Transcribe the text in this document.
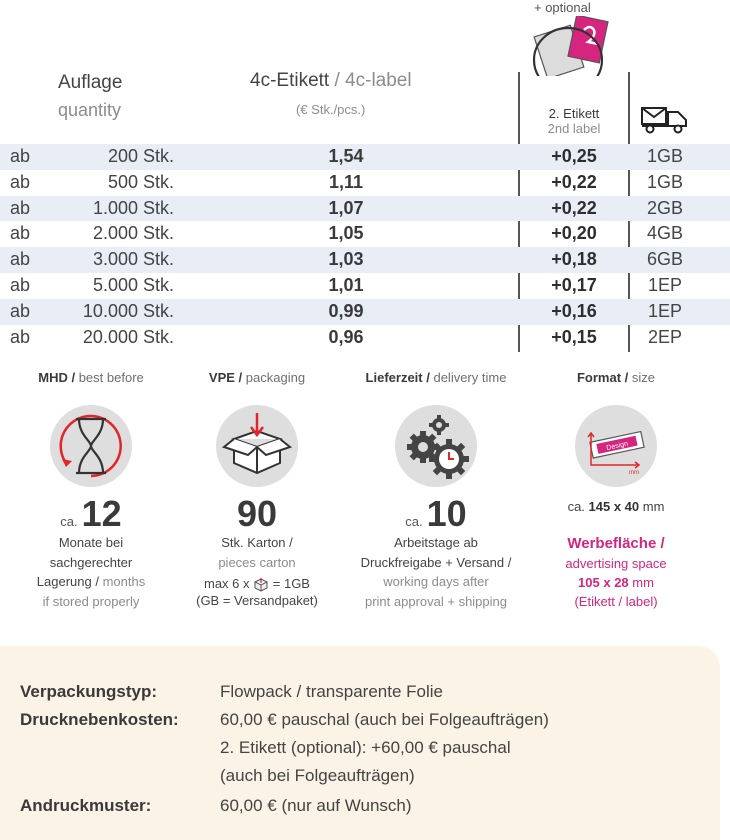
+ optional
Auflage
quantity
4c-Etikett / 4c-label
(€ Stk./pcs.)	2. Etikett
2nd label
ab	200 Stk.	1,54	+0,25	1GB
ab	500 Stk.	1,11	+0,22	1GB
ab	1.000 Stk.	1,07	+0,22	2GB
ab	2.000 Stk.	1,05	+0,20	4GB
ab	3.000 Stk.	1,03	+0,18	6GB
ab	5.000 Stk.	1,01	+0,17	1EP
ab	10.000 Stk.	0,99	+0,16	1EP
ab	20.000 Stk.	0,96	+0,15	2EP
MHD / best before
ca. 12
Monate bei
sachgerechter
Lagerung / months
if stored properly
VPE / packaging
90
Stk. Karton /
pieces carton
max 6 x = 1GB
(GB = Versandpaket)
Lieferzeit / delivery time
ca. 10
Arbeitstage ab
Druckfreigabe + Versand /
working days after
print approval + shipping
Format / size
Design
mm
ca. 145 x 40 mm
Werbefläche /
advertising space
105 x 28 mm
(Etikett / label)
Verpackungstyp:	Flowpack / transparente Folie
Drucknebenkosten: 60,00 € pauschal (auch bei Folgeaufträgen)
2. Etikett (optional): +60,00 € pauschal
(auch bei Folgeaufträgen)
Andruckmuster:	60,00 € (nur auf Wunsch)
